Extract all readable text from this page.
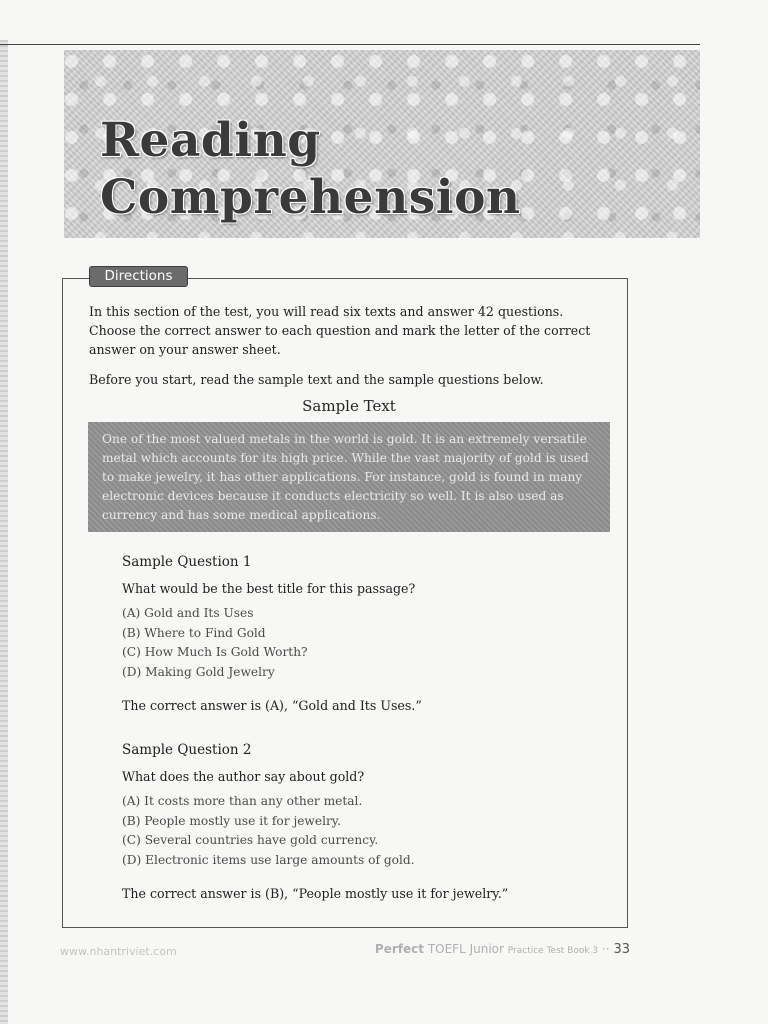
Reading
Comprehension
Directions

In this section of the test, you will read six texts and answer 42 questions. Choose the correct answer to each question and mark the letter of the correct answer on your answer sheet.

Before you start, read the sample text and the sample questions below.

Sample Text
One of the most valued metals in the world is gold. It is an extremely versatile metal which accounts for its high price. While the vast majority of gold is used to make jewelry, it has other applications. For instance, gold is found in many electronic devices because it conducts electricity so well. It is also used as currency and has some medical applications.
Sample Question 1
What would be the best title for this passage?
(A) Gold and Its Uses
(B) Where to Find Gold
(C) How Much Is Gold Worth?
(D) Making Gold Jewelry
The correct answer is (A), “Gold and Its Uses.”
Sample Question 2
What does the author say about gold?
(A) It costs more than any other metal.
(B) People mostly use it for jewelry.
(C) Several countries have gold currency.
(D) Electronic items use large amounts of gold.
The correct answer is (B), “People mostly use it for jewelry.”
www.nhantriviet.com	Perfect TOEFL Junior Practice Test Book 3 ·· 33
